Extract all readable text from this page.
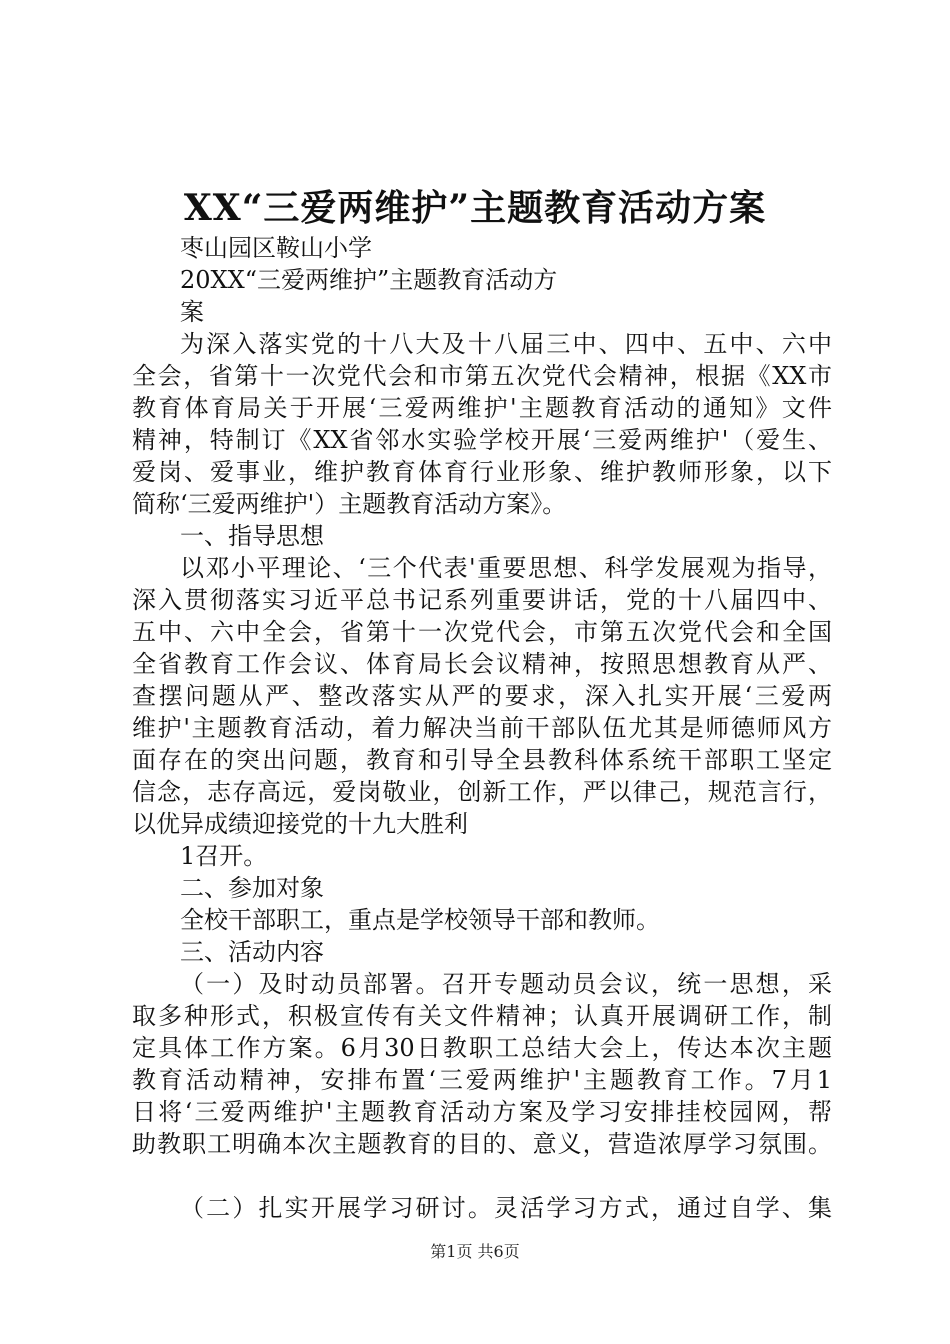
XX“三爱两维护”主题教育活动方案
枣山园区鞍山小学
20XX“三爱两维护”主题教育活动方
案
为深入落实党的十八大及十八届三中、四中、五中、六中
全会，省第十一次党代会和市第五次党代会精神，根据《XX市
教育体育局关于开展‘三爱两维护'主题教育活动的通知》文件
精神，特制订《XX省邻水实验学校开展‘三爱两维护'（爱生、
爱岗、爱事业，维护教育体育行业形象、维护教师形象，以下
简称‘三爱两维护'）主题教育活动方案》。
一、指导思想
以邓小平理论、‘三个代表'重要思想、科学发展观为指导，
深入贯彻落实习近平总书记系列重要讲话，党的十八届四中、
五中、六中全会，省第十一次党代会，市第五次党代会和全国
全省教育工作会议、体育局长会议精神，按照思想教育从严、
查摆问题从严、整改落实从严的要求，深入扎实开展‘三爱两
维护'主题教育活动，着力解决当前干部队伍尤其是师德师风方
面存在的突出问题，教育和引导全县教科体系统干部职工坚定
信念，志存高远，爱岗敬业，创新工作，严以律己，规范言行，
以优异成绩迎接党的十九大胜利
1召开。
二、参加对象
全校干部职工，重点是学校领导干部和教师。
三、活动内容
（一）及时动员部署。召开专题动员会议，统一思想，采
取多种形式，积极宣传有关文件精神；认真开展调研工作，制
定具体工作方案。6月30日教职工总结大会上，传达本次主题
教育活动精神，安排布置‘三爱两维护'主题教育工作。7月1
日将‘三爱两维护'主题教育活动方案及学习安排挂校园网，帮
助教职工明确本次主题教育的目的、意义，营造浓厚学习氛围。
（二）扎实开展学习研讨。灵活学习方式，通过自学、集
第1页 共6页
